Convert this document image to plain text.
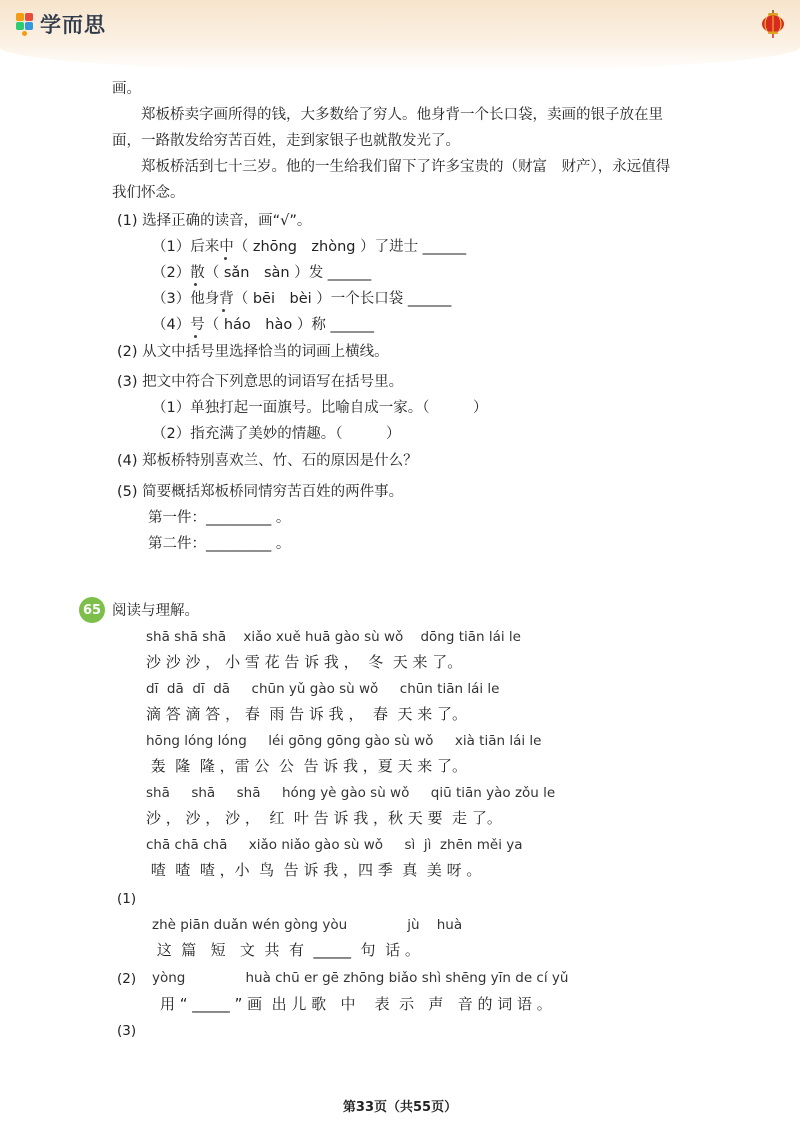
学而思
画。
郑板桥卖字画所得的钱，大多数给了穷人。他身背一个长口袋，卖画的银子放在里
面，一路散发给穷苦百姓，走到家银子也就散发光了。
郑板桥活到七十三岁。他的一生给我们留下了许多宝贵的（财富　财产），永远值得
我们怀念。
(1) 选择正确的读音，画“√”。
（1）后来中（ zhōng　zhòng ）了进士 ______
（2）散（ sǎn　sàn ）发 ______
（3）他身背（ bēi　bèi ）一个长口袋 ______
（4）号（ háo　hào ）称 ______
(2) 从文中括号里选择恰当的词画上横线。
(3) 把文中符合下列意思的词语写在括号里。
（1）单独打起一面旗号。比喻自成一家。（　　　）
（2）指充满了美妙的情趣。（　　　）
(4) 郑板桥特别喜欢兰、竹、石的原因是什么？
(5) 简要概括郑板桥同情穷苦百姓的两件事。
第一件：_________ 。
第二件：_________ 。
65 阅读与理解。
shā shā shā    xiǎo xuě huā gào sù wǒ    dōng tiān lái le
沙 沙 沙 ， 小 雪 花 告 诉 我 ，  冬  天 来 了。
dī  dā  dī  dā     chūn yǔ gào sù wǒ     chūn tiān lái le
滴 答 滴 答 ， 春  雨 告 诉 我 ，  春  天 来 了。
hōng lóng lóng     léi gōng gōng gào sù wǒ     xià tiān lái le
轰  隆  隆 ，雷 公  公  告 诉 我 ，夏 天 来 了。
shā     shā     shā     hóng yè gào sù wǒ     qiū tiān yào zǒu le
沙 ， 沙 ， 沙 ，  红  叶 告 诉 我 ，秋 天 要  走 了。
chā chā chā     xiǎo niǎo gào sù wǒ     sì  jì  zhēn měi ya
喳  喳  喳 ，小  鸟  告 诉 我 ，四 季  真  美 呀 。
(1)
zhè piān duǎn wén gòng yòu              jù    huà
这  篇   短   文  共  有  _____  句  话 。
(2) yòng              huà chū er gē zhōng biǎo shì shēng yīn de cí yǔ
用 “ _____ ” 画  出 儿 歌   中    表  示   声   音 的 词 语 。
(3)
第33页（共55页）
